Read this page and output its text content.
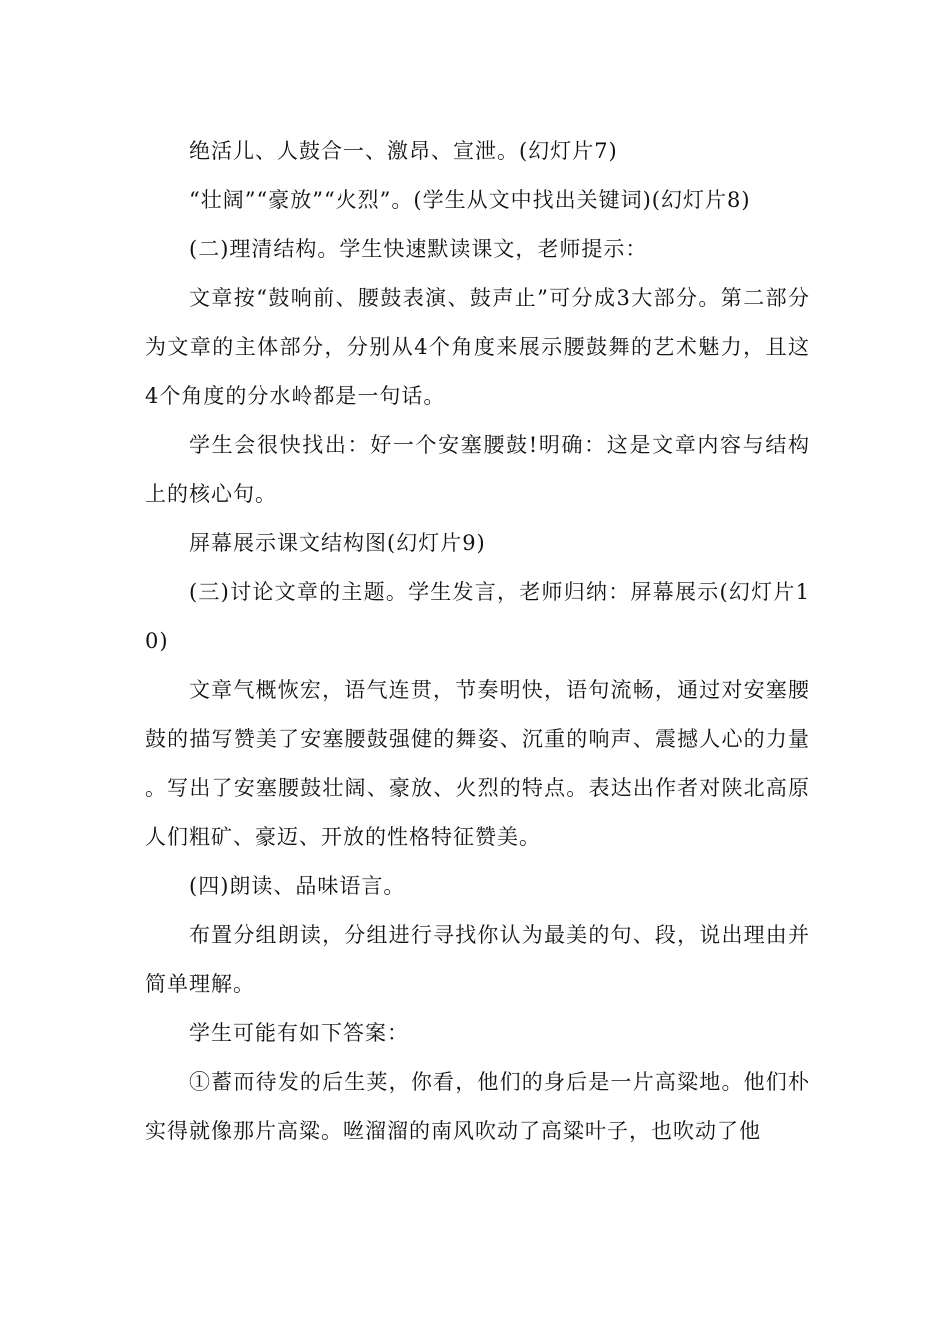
绝活儿、人鼓合一、激昂、宣泄。(幻灯片7)

“壮阔”“豪放”“火烈”。(学生从文中找出关键词)(幻灯片8)

(二)理清结构。学生快速默读课文，老师提示：

文章按“鼓响前、腰鼓表演、鼓声止”可分成3大部分。第二部分为文章的主体部分，分别从4个角度来展示腰鼓舞的艺术魅力，且这4个角度的分水岭都是一句话。

学生会很快找出：好一个安塞腰鼓!明确：这是文章内容与结构上的核心句。

屏幕展示课文结构图(幻灯片9)

(三)讨论文章的主题。学生发言，老师归纳：屏幕展示(幻灯片10)

文章气概恢宏，语气连贯，节奏明快，语句流畅，通过对安塞腰鼓的描写赞美了安塞腰鼓强健的舞姿、沉重的响声、震撼人心的力量。写出了安塞腰鼓壮阔、豪放、火烈的特点。表达出作者对陕北高原人们粗矿、豪迈、开放的性格特征赞美。

(四)朗读、品味语言。

布置分组朗读，分组进行寻找你认为最美的句、段，说出理由并简单理解。

学生可能有如下答案：

①蓄而待发的后生荚，你看，他们的身后是一片高粱地。他们朴实得就像那片高粱。咝溜溜的南风吹动了高粱叶子，也吹动了他
